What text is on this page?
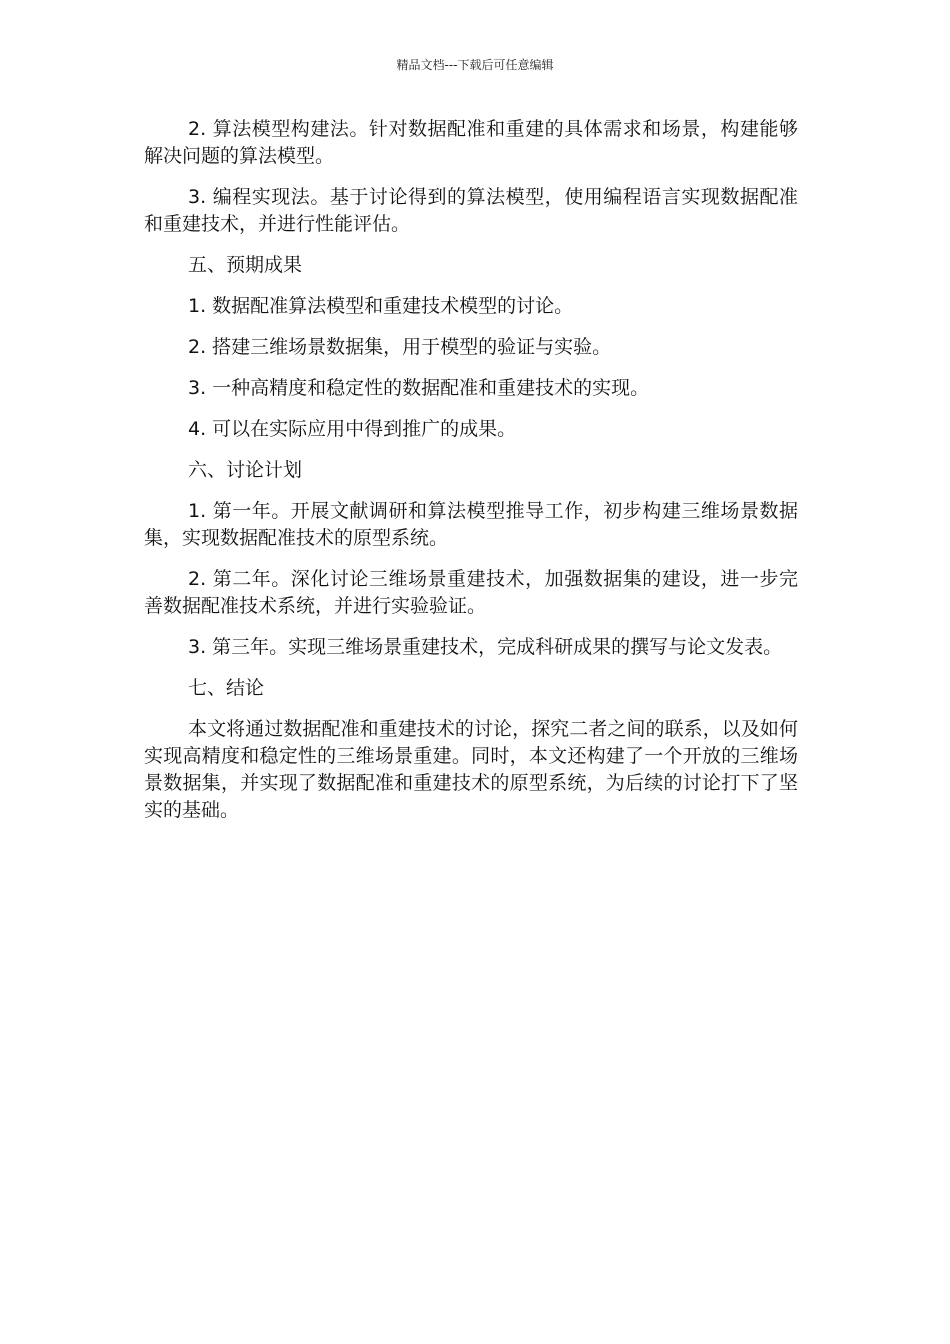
精品文档---下载后可任意编辑

2. 算法模型构建法。针对数据配准和重建的具体需求和场景，构建能够解决问题的算法模型。

3. 编程实现法。基于讨论得到的算法模型，使用编程语言实现数据配准和重建技术，并进行性能评估。

五、预期成果

1. 数据配准算法模型和重建技术模型的讨论。

2. 搭建三维场景数据集，用于模型的验证与实验。

3. 一种高精度和稳定性的数据配准和重建技术的实现。

4. 可以在实际应用中得到推广的成果。

六、讨论计划

1. 第一年。开展文献调研和算法模型推导工作，初步构建三维场景数据集，实现数据配准技术的原型系统。

2. 第二年。深化讨论三维场景重建技术，加强数据集的建设，进一步完善数据配准技术系统，并进行实验验证。

3. 第三年。实现三维场景重建技术，完成科研成果的撰写与论文发表。

七、结论

本文将通过数据配准和重建技术的讨论，探究二者之间的联系，以及如何实现高精度和稳定性的三维场景重建。同时，本文还构建了一个开放的三维场景数据集，并实现了数据配准和重建技术的原型系统，为后续的讨论打下了坚实的基础。
